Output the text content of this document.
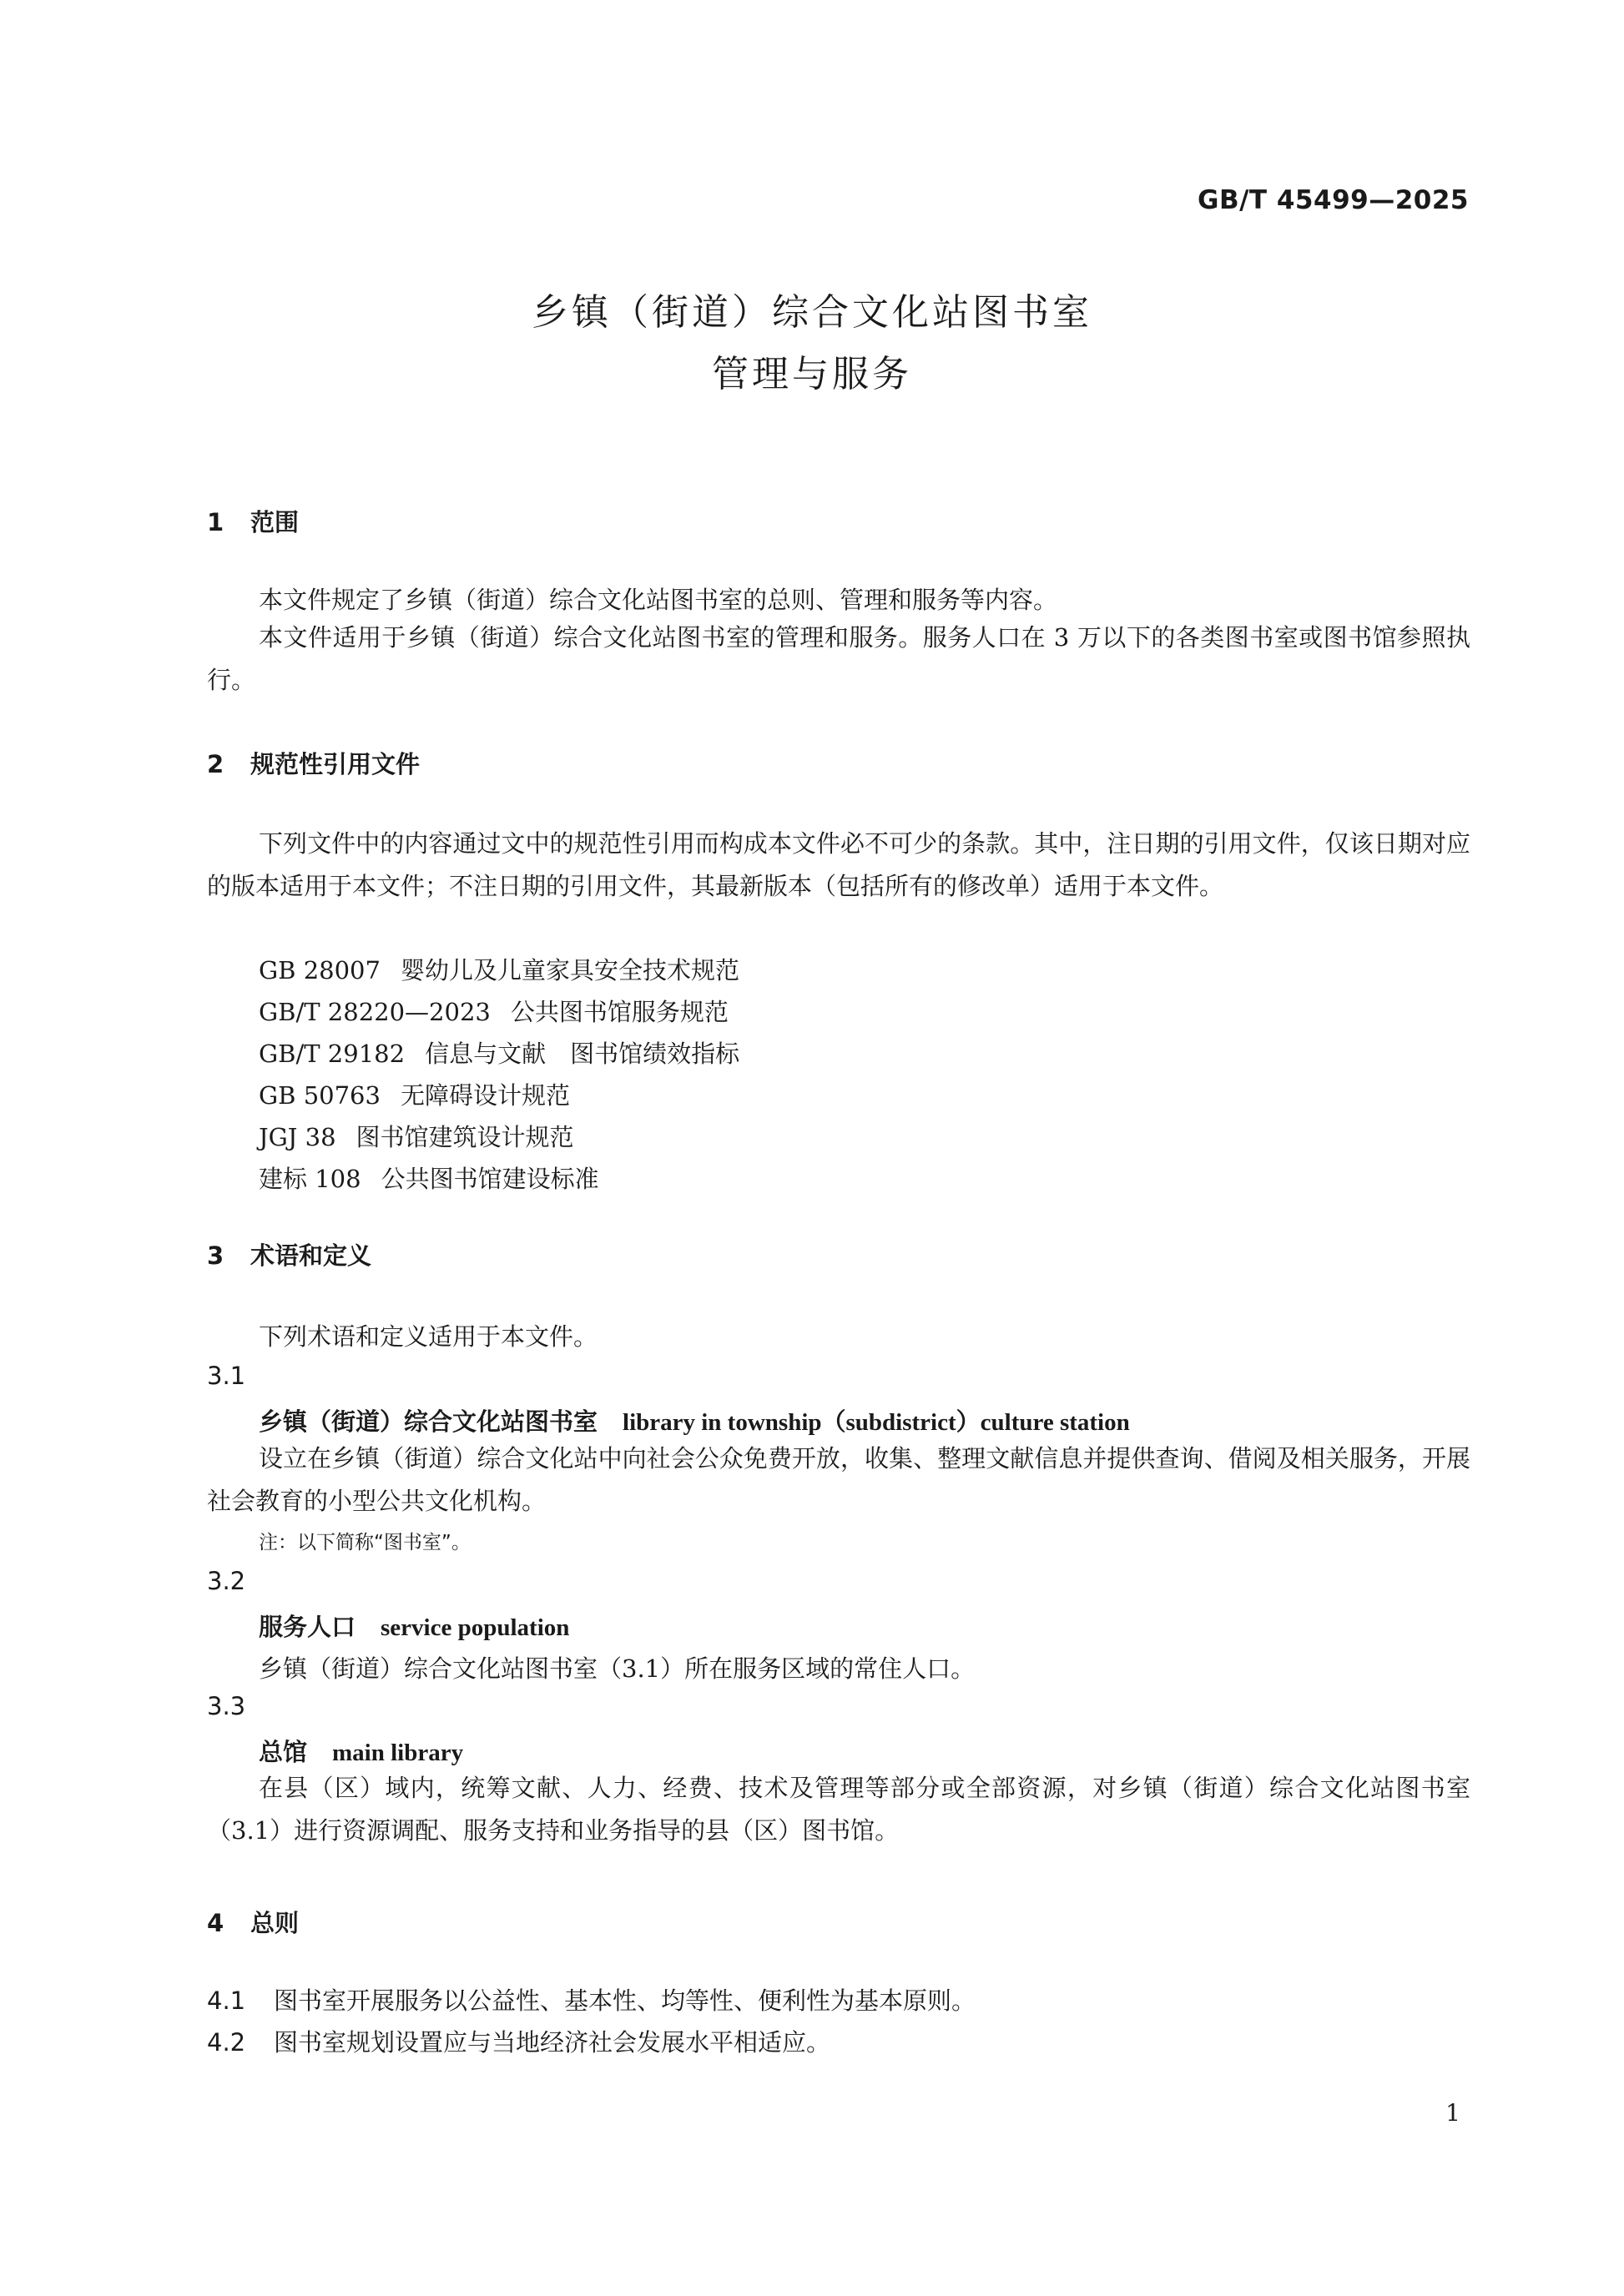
GB/T 45499—2025
乡镇（街道）综合文化站图书室
管理与服务
1 范围
本文件规定了乡镇（街道）综合文化站图书室的总则、管理和服务等内容。
本文件适用于乡镇（街道）综合文化站图书室的管理和服务。服务人口在 3 万以下的各类图书室或图书馆参照执行。
2 规范性引用文件
下列文件中的内容通过文中的规范性引用而构成本文件必不可少的条款。其中，注日期的引用文件，仅该日期对应的版本适用于本文件；不注日期的引用文件，其最新版本（包括所有的修改单）适用于本文件。
GB 28007 婴幼儿及儿童家具安全技术规范
GB/T 28220—2023 公共图书馆服务规范
GB/T 29182 信息与文献　图书馆绩效指标
GB 50763 无障碍设计规范
JGJ 38 图书馆建筑设计规范
建标 108 公共图书馆建设标准
3 术语和定义
下列术语和定义适用于本文件。
3.1
乡镇（街道）综合文化站图书室 library in township（subdistrict）culture station
设立在乡镇（街道）综合文化站中向社会公众免费开放，收集、整理文献信息并提供查询、借阅及相关服务，开展社会教育的小型公共文化机构。
注：以下简称“图书室”。
3.2
服务人口 service population
乡镇（街道）综合文化站图书室（3.1）所在服务区域的常住人口。
3.3
总馆 main library
在县（区）域内，统筹文献、人力、经费、技术及管理等部分或全部资源，对乡镇（街道）综合文化站图书室（3.1）进行资源调配、服务支持和业务指导的县（区）图书馆。
4 总则
4.1 图书室开展服务以公益性、基本性、均等性、便利性为基本原则。
4.2 图书室规划设置应与当地经济社会发展水平相适应。
1
